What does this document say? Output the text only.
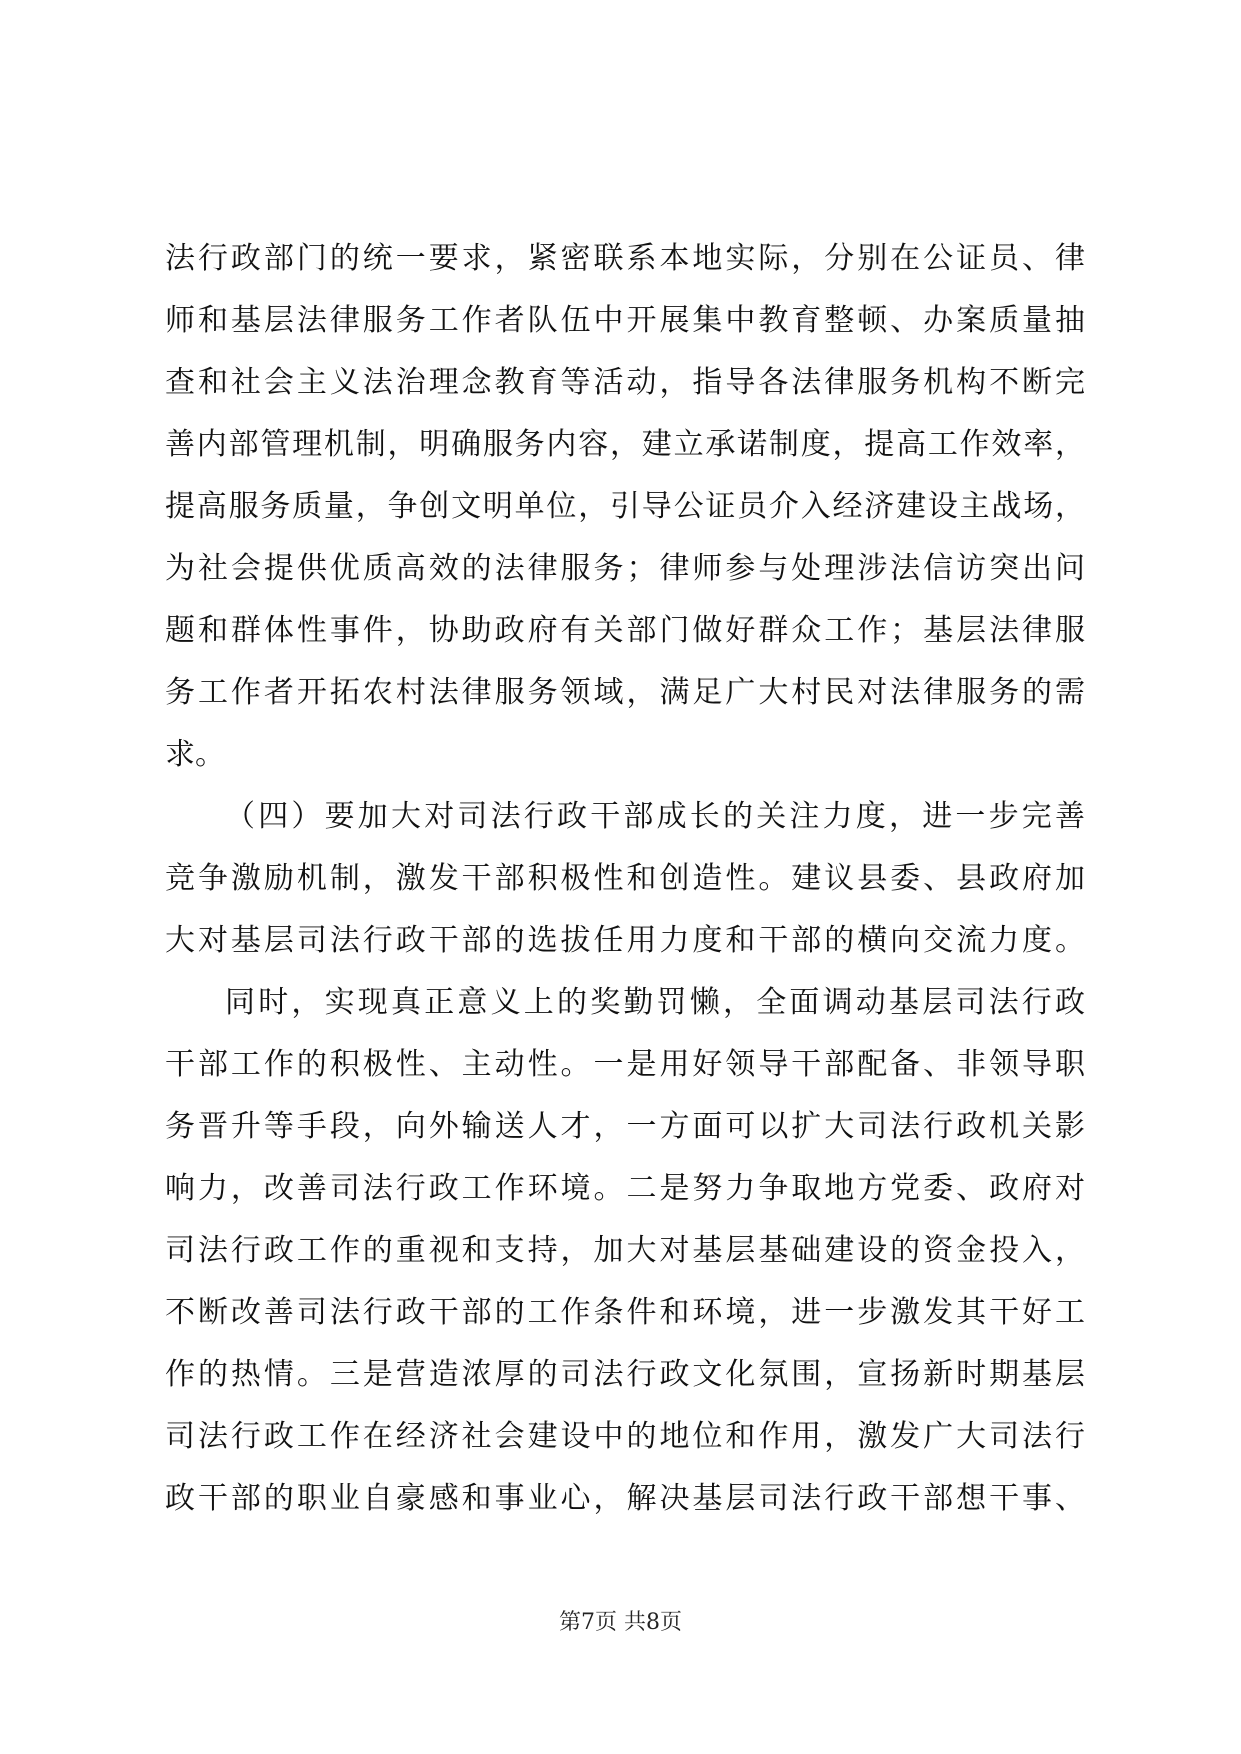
法行政部门的统一要求，紧密联系本地实际，分别在公证员、律
师和基层法律服务工作者队伍中开展集中教育整顿、办案质量抽
查和社会主义法治理念教育等活动，指导各法律服务机构不断完
善内部管理机制，明确服务内容，建立承诺制度，提高工作效率，
提高服务质量，争创文明单位，引导公证员介入经济建设主战场，
为社会提供优质高效的法律服务；律师参与处理涉法信访突出问
题和群体性事件，协助政府有关部门做好群众工作；基层法律服
务工作者开拓农村法律服务领域，满足广大村民对法律服务的需
求。
（四）要加大对司法行政干部成长的关注力度，进一步完善
竞争激励机制，激发干部积极性和创造性。建议县委、县政府加
大对基层司法行政干部的选拔任用力度和干部的横向交流力度。
同时，实现真正意义上的奖勤罚懒，全面调动基层司法行政
干部工作的积极性、主动性。一是用好领导干部配备、非领导职
务晋升等手段，向外输送人才，一方面可以扩大司法行政机关影
响力，改善司法行政工作环境。二是努力争取地方党委、政府对
司法行政工作的重视和支持，加大对基层基础建设的资金投入，
不断改善司法行政干部的工作条件和环境，进一步激发其干好工
作的热情。三是营造浓厚的司法行政文化氛围，宣扬新时期基层
司法行政工作在经济社会建设中的地位和作用，激发广大司法行
政干部的职业自豪感和事业心，解决基层司法行政干部想干事、
第7页 共8页
